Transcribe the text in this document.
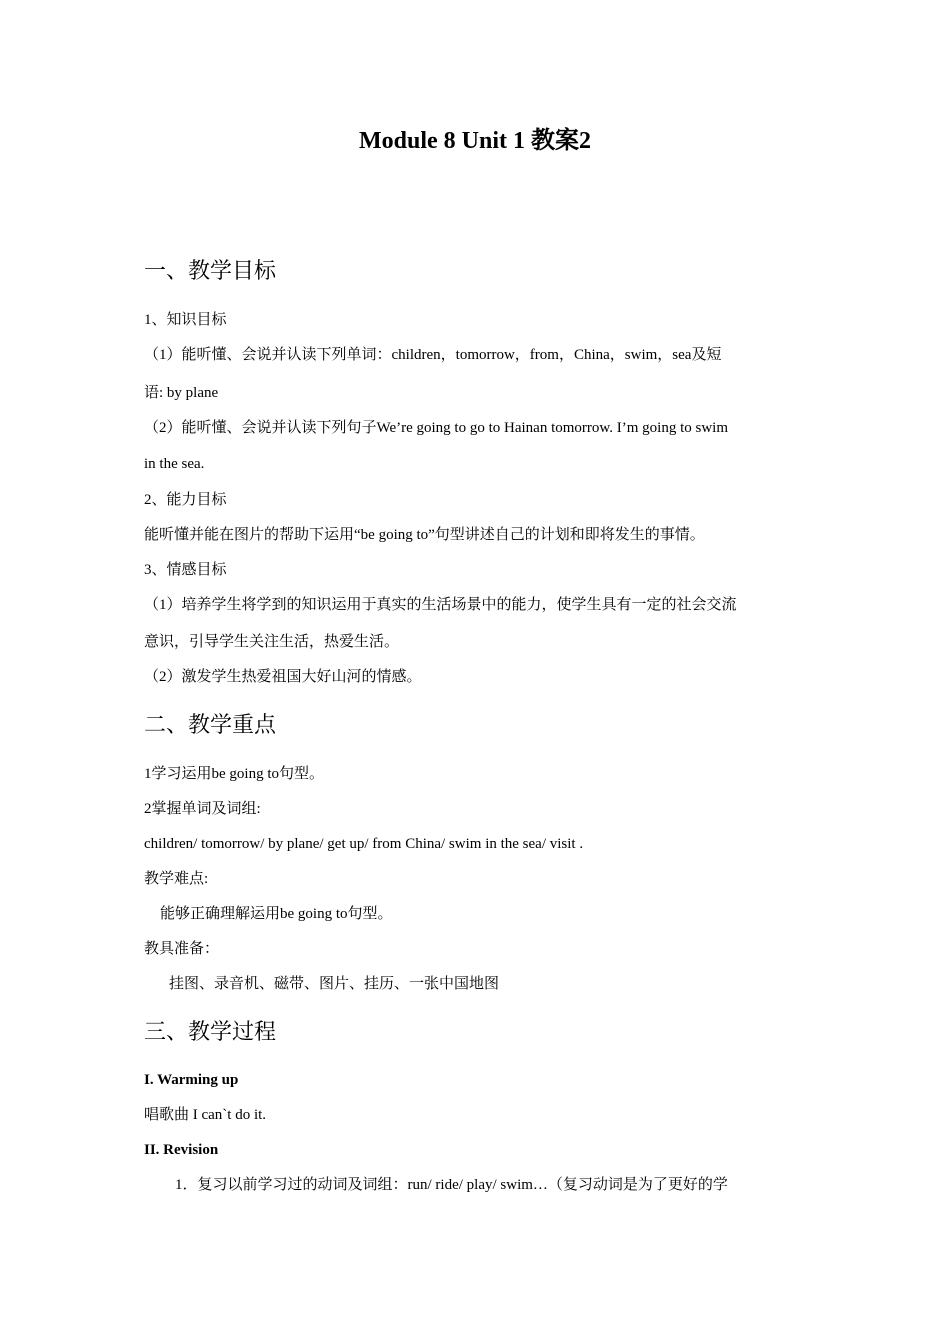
Module 8 Unit 1 教案2
一、教学目标
1、知识目标
（1）能听懂、会说并认读下列单词：children，tomorrow，from，China，swim，sea及短
语: by plane
（2）能听懂、会说并认读下列句子We’re going to go to Hainan tomorrow. I’m going to swim
in the sea.
2、能力目标
能听懂并能在图片的帮助下运用“be going to”句型讲述自己的计划和即将发生的事情。
3、情感目标
（1）培养学生将学到的知识运用于真实的生活场景中的能力，使学生具有一定的社会交流
意识，引导学生关注生活，热爱生活。
（2）激发学生热爱祖国大好山河的情感。
二、教学重点
1学习运用be going to句型。
2掌握单词及词组:
children/ tomorrow/ by plane/ get up/ from China/ swim in the sea/ visit .
教学难点:
能够正确理解运用be going to句型。
教具准备：
挂图、录音机、磁带、图片、挂历、一张中国地图
三、教学过程
I. Warming up
唱歌曲 I can`t do it.
II. Revision
1．复习以前学习过的动词及词组：run/ ride/ play/ swim…（复习动词是为了更好的学
